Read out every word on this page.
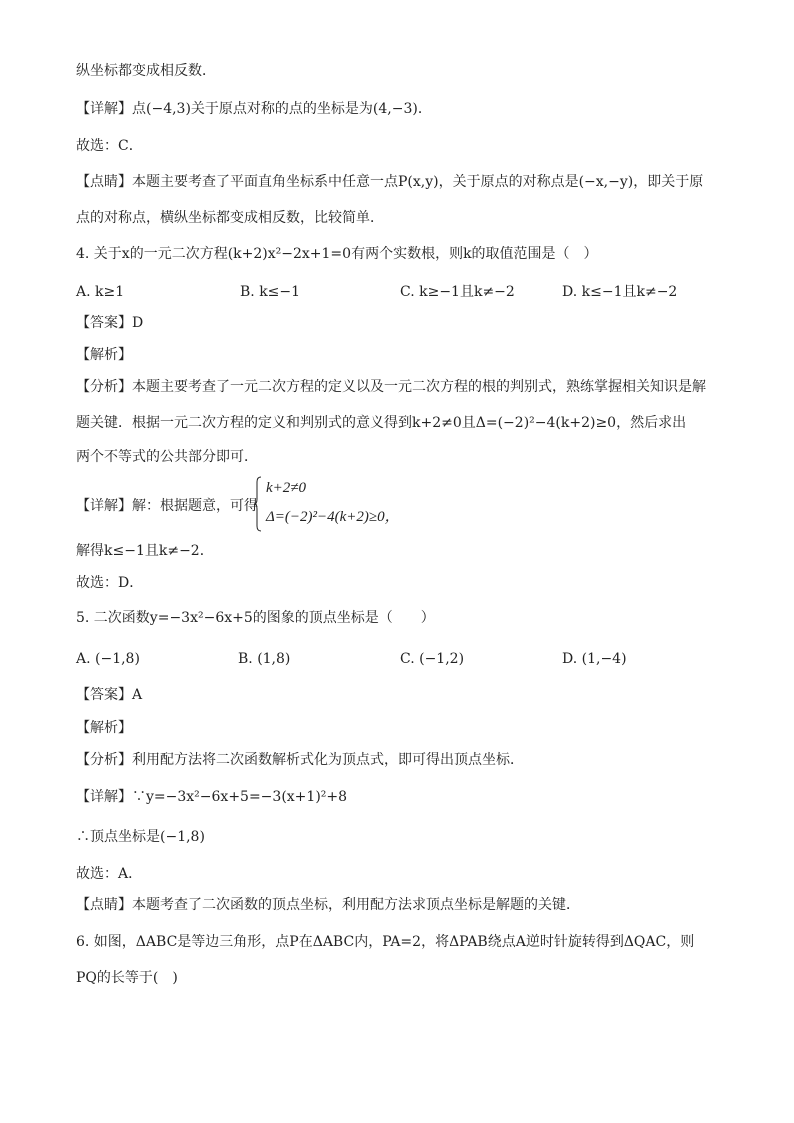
纵坐标都变成相反数．
【详解】点(−4,3)关于原点对称的点的坐标是为(4,−3)．
故选：C．
【点睛】本题主要考查了平面直角坐标系中任意一点P(x,y)，关于原点的对称点是(−x,−y)，即关于原
点的对称点，横纵坐标都变成相反数，比较简单．
4. 关于x的一元二次方程(k+2)x²−2x+1=0有两个实数根，则k的取值范围是（　）
A. k≥1	B. k≤−1	C. k≥−1且k≠−2	D. k≤−1且k≠−2
【答案】D
【解析】
【分析】本题主要考查了一元二次方程的定义以及一元二次方程的根的判别式，熟练掌握相关知识是解
题关键．根据一元二次方程的定义和判别式的意义得到k+2≠0且Δ=(−2)²−4(k+2)≥0，然后求出
两个不等式的公共部分即可．
【详解】解：根据题意，可得
k+2≠0
Δ=(−2)²−4(k+2)≥0，
解得k≤−1且k≠−2．
故选：D．
5. 二次函数y=−3x²−6x+5的图象的顶点坐标是（　　）
A. (−1,8)	B. (1,8)	C. (−1,2)	D. (1,−4)
【答案】A
【解析】
【分析】利用配方法将二次函数解析式化为顶点式，即可得出顶点坐标．
【详解】∵y=−3x²−6x+5=−3(x+1)²+8
∴顶点坐标是(−1,8)
故选：A．
【点睛】本题考查了二次函数的顶点坐标，利用配方法求顶点坐标是解题的关键．
6. 如图，ΔABC是等边三角形，点P在ΔABC内，PA=2，将ΔPAB绕点A逆时针旋转得到ΔQAC，则
PQ的长等于(　)
